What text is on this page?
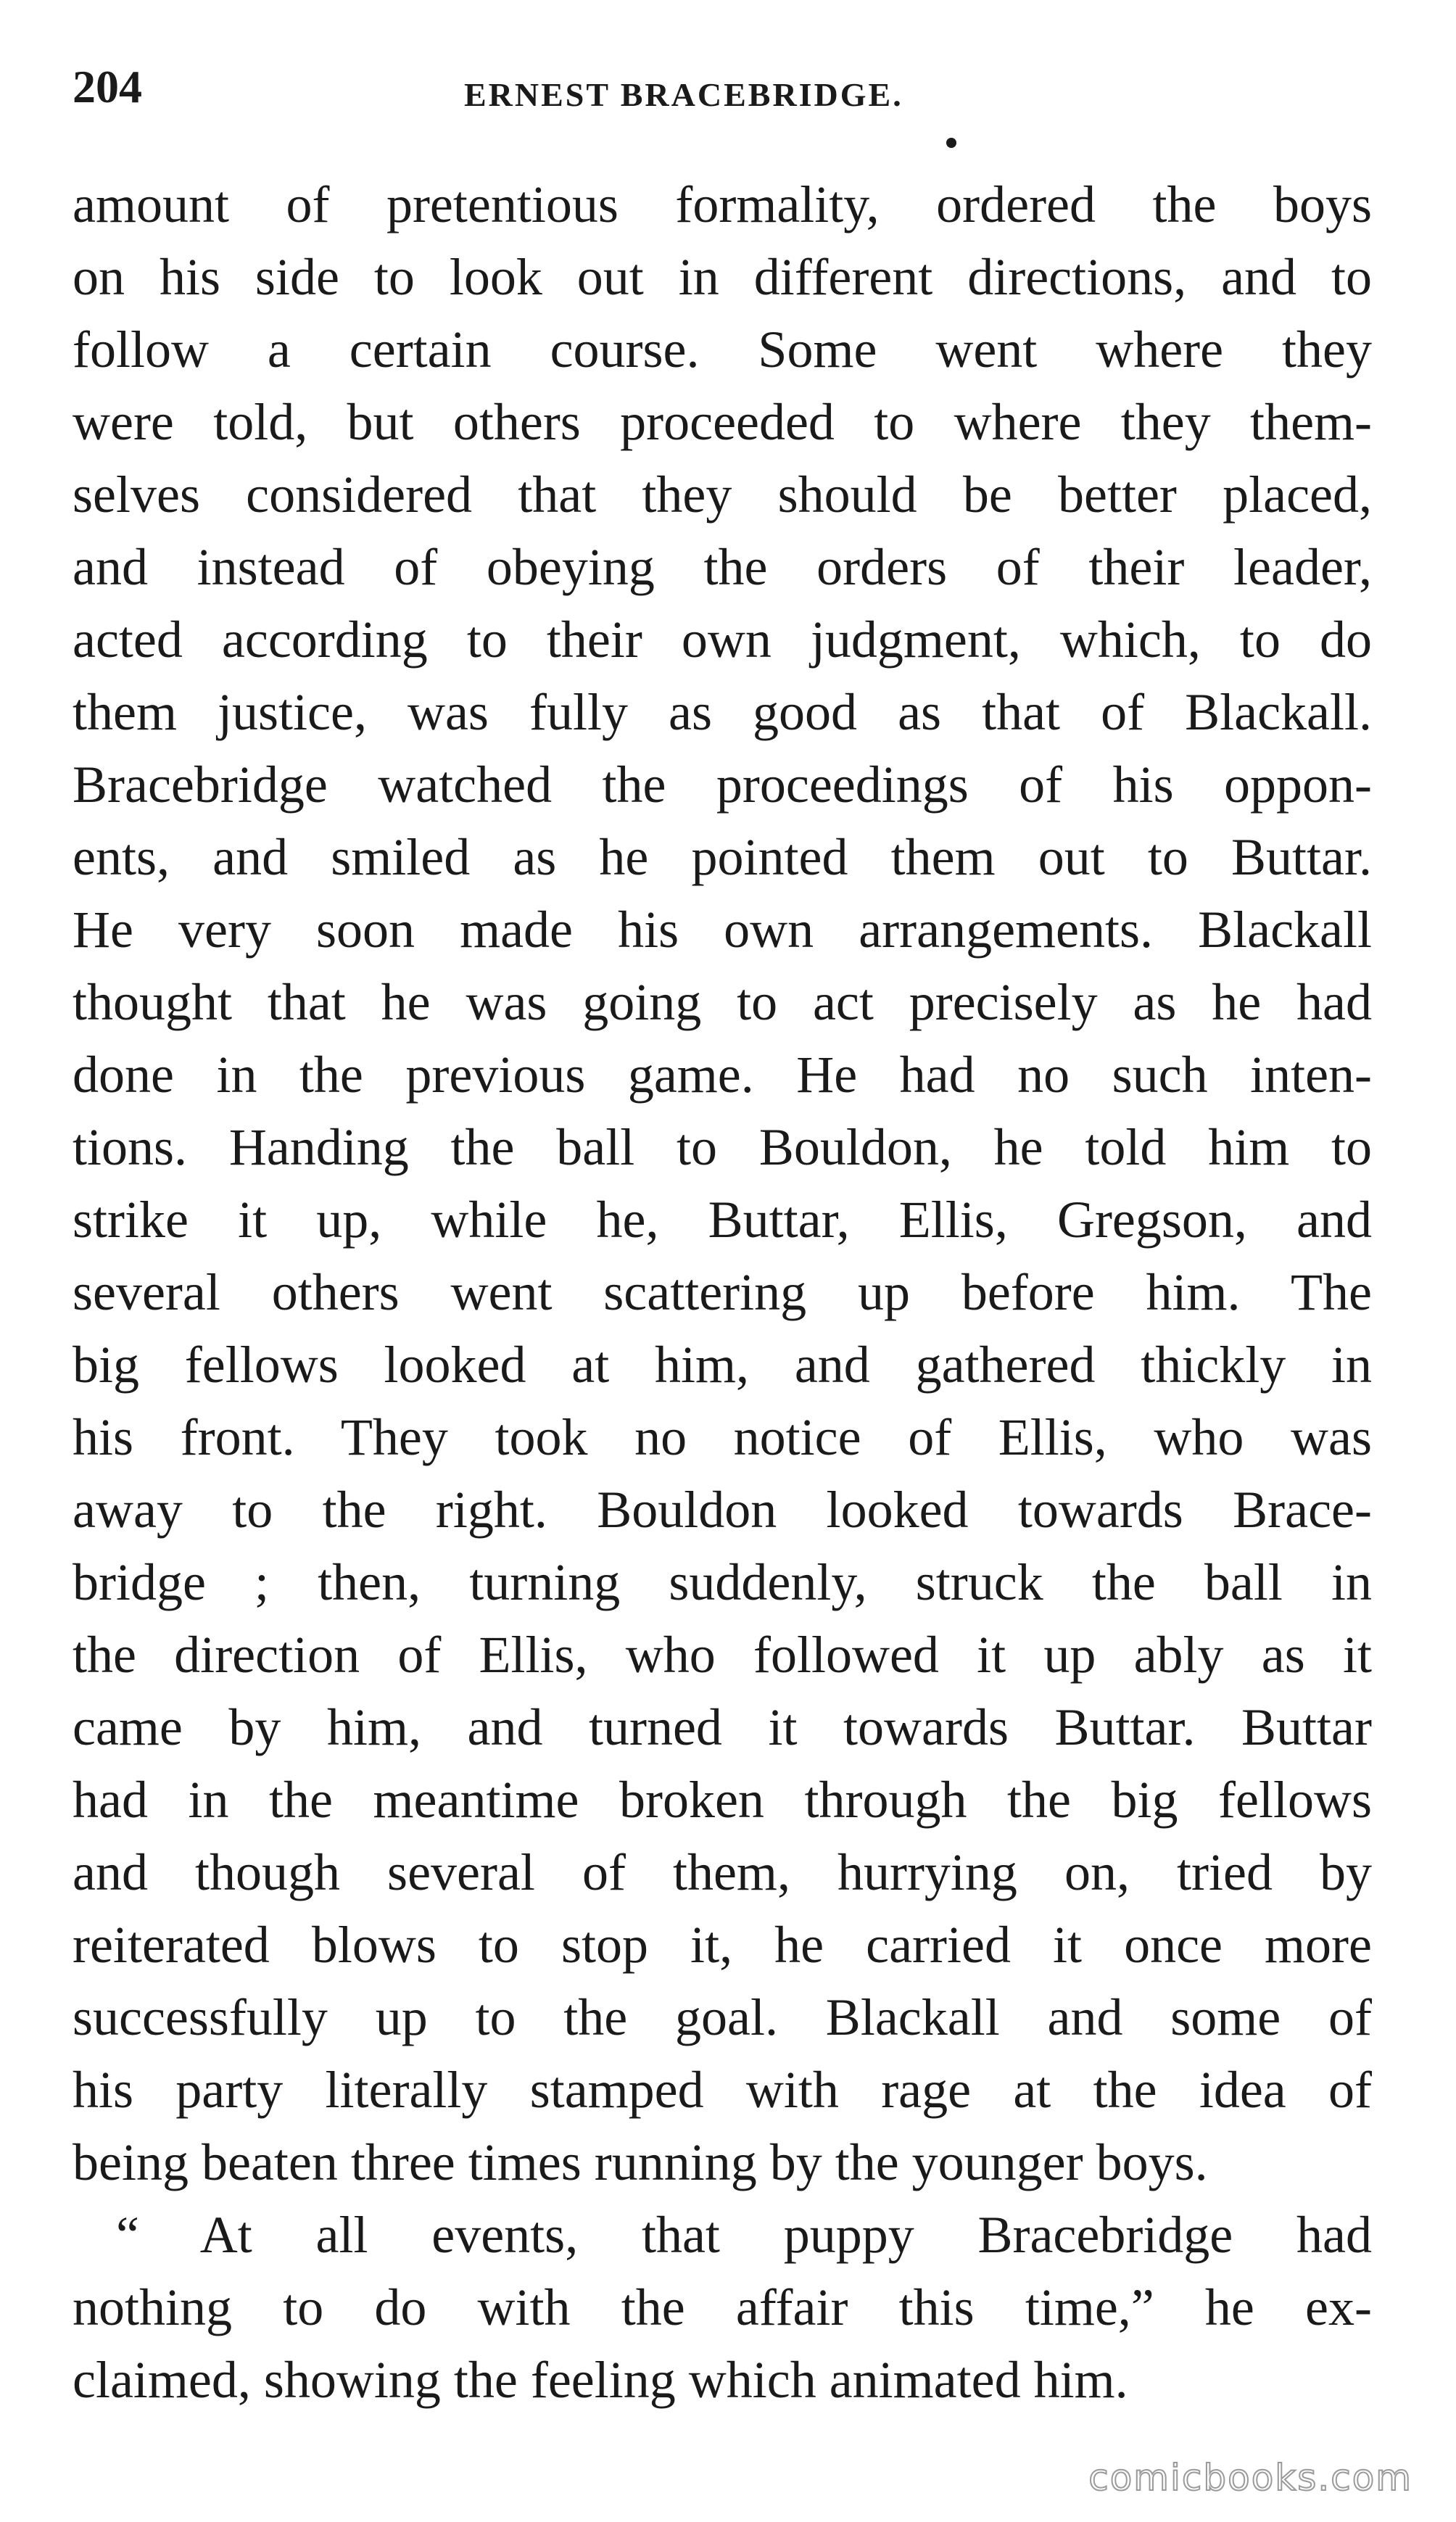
204	ERNEST BRACEBRIDGE.
amount of pretentious formality, ordered the boys
on his side to look out in different directions, and to
follow a certain course. Some went where they
were told, but others proceeded to where they them-
selves considered that they should be better placed,
and instead of obeying the orders of their leader,
acted according to their own judgment, which, to do
them justice, was fully as good as that of Blackall.
Bracebridge watched the proceedings of his oppon-
ents, and smiled as he pointed them out to Buttar.
He very soon made his own arrangements. Blackall
thought that he was going to act precisely as he had
done in the previous game. He had no such inten-
tions. Handing the ball to Bouldon, he told him to
strike it up, while he, Buttar, Ellis, Gregson, and
several others went scattering up before him. The
big fellows looked at him, and gathered thickly in
his front. They took no notice of Ellis, who was
away to the right. Bouldon looked towards Brace-
bridge ; then, turning suddenly, struck the ball in
the direction of Ellis, who followed it up ably as it
came by him, and turned it towards Buttar. Buttar
had in the meantime broken through the big fellows
and though several of them, hurrying on, tried by
reiterated blows to stop it, he carried it once more
successfully up to the goal. Blackall and some of
his party literally stamped with rage at the idea of
being beaten three times running by the younger boys.
“ At all events, that puppy Bracebridge had
nothing to do with the affair this time,” he ex-
claimed, showing the feeling which animated him.
comicbooks.com
